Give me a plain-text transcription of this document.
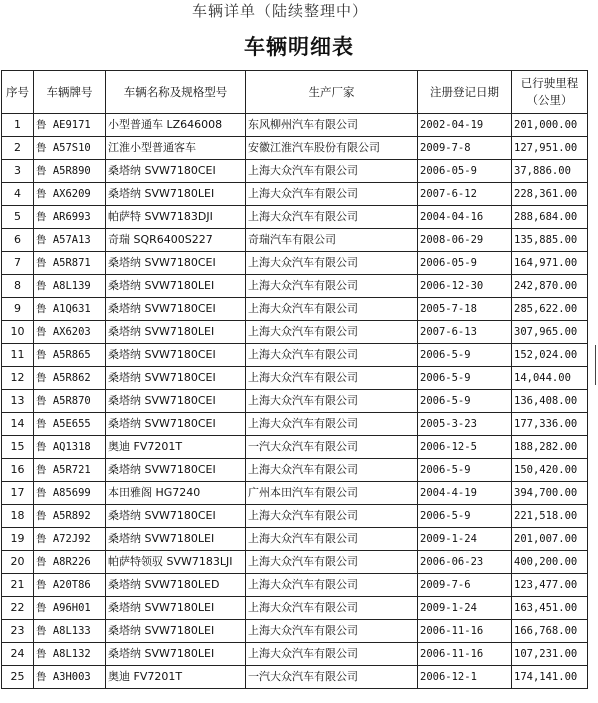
车辆详单（陆续整理中）
车辆明细表
序号	车辆牌号	车辆名称及规格型号	生产厂家	注册登记日期	已行驶里程
（公里）

1	鲁 AE9171	小型普通车 LZ646008	东风柳州汽车有限公司	2002-04-19	201,000.00
2	鲁 A57S10	江淮小型普通客车	安徽江淮汽车股份有限公司	2009-7-8	127,951.00
3	鲁 A5R890	桑塔纳 SVW7180CEI	上海大众汽车有限公司	2006-05-9	37,886.00
4	鲁 AX6209	桑塔纳 SVW7180LEI	上海大众汽车有限公司	2007-6-12	228,361.00
5	鲁 AR6993	帕萨特 SVW7183DJI	上海大众汽车有限公司	2004-04-16	288,684.00
6	鲁 A57A13	奇瑞 SQR6400S227	奇瑞汽车有限公司	2008-06-29	135,885.00
7	鲁 A5R871	桑塔纳 SVW7180CEI	上海大众汽车有限公司	2006-05-9	164,971.00
8	鲁 A8L139	桑塔纳 SVW7180LEI	上海大众汽车有限公司	2006-12-30	242,870.00
9	鲁 A1Q631	桑塔纳 SVW7180CEI	上海大众汽车有限公司	2005-7-18	285,622.00
10	鲁 AX6203	桑塔纳 SVW7180LEI	上海大众汽车有限公司	2007-6-13	307,965.00
11	鲁 A5R865	桑塔纳 SVW7180CEI	上海大众汽车有限公司	2006-5-9	152,024.00
12	鲁 A5R862	桑塔纳 SVW7180CEI	上海大众汽车有限公司	2006-5-9	14,044.00
13	鲁 A5R870	桑塔纳 SVW7180CEI	上海大众汽车有限公司	2006-5-9	136,408.00
14	鲁 A5E655	桑塔纳 SVW7180CEI	上海大众汽车有限公司	2005-3-23	177,336.00
15	鲁 AQ1318	奥迪 FV7201T	一汽大众汽车有限公司	2006-12-5	188,282.00
16	鲁 A5R721	桑塔纳 SVW7180CEI	上海大众汽车有限公司	2006-5-9	150,420.00
17	鲁 A85699	本田雅阁 HG7240	广州本田汽车有限公司	2004-4-19	394,700.00
18	鲁 A5R892	桑塔纳 SVW7180CEI	上海大众汽车有限公司	2006-5-9	221,518.00
19	鲁 A72J92	桑塔纳 SVW7180LEI	上海大众汽车有限公司	2009-1-24	201,007.00
20	鲁 A8R226	帕萨特领驭 SVW7183LJI	上海大众汽车有限公司	2006-06-23	400,200.00
21	鲁 A20T86	桑塔纳 SVW7180LED	上海大众汽车有限公司	2009-7-6	123,477.00
22	鲁 A96H01	桑塔纳 SVW7180LEI	上海大众汽车有限公司	2009-1-24	163,451.00
23	鲁 A8L133	桑塔纳 SVW7180LEI	上海大众汽车有限公司	2006-11-16	166,768.00
24	鲁 A8L132	桑塔纳 SVW7180LEI	上海大众汽车有限公司	2006-11-16	107,231.00
25	鲁 A3H003	奥迪 FV7201T	一汽大众汽车有限公司	2006-12-1	174,141.00
